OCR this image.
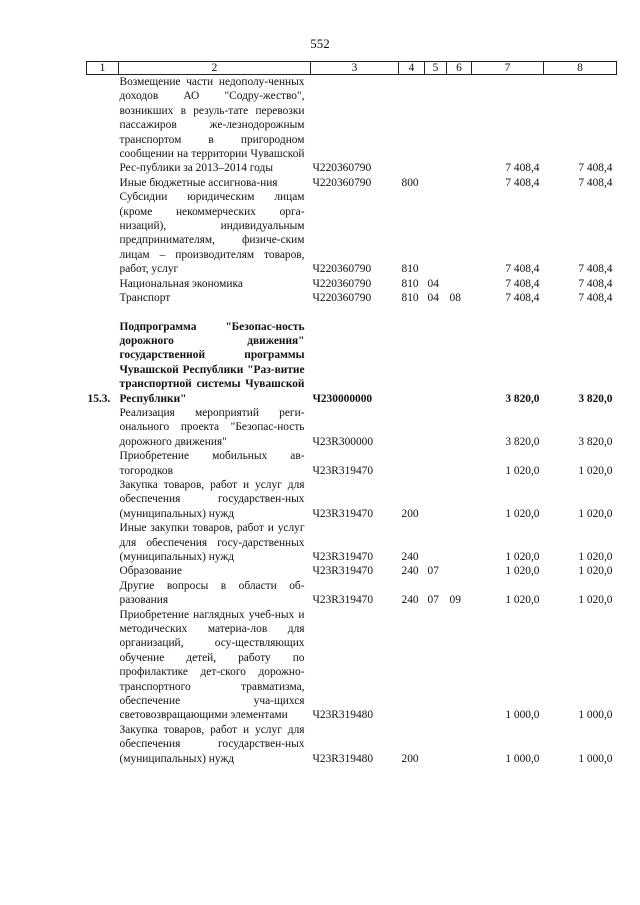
552
1	2	3	4	5	6	7	8
	Возмещение части недополу-ченных доходов АО "Содру-жество", возникших в резуль-тате перевозки пассажиров же-лезнодорожным транспортом в пригородном сообщении на территории Чувашской Рес-публики за 2013–2014 годы	Ч220360790				7 408,4	7 408,4
	Иные бюджетные ассигнова-ния	Ч220360790	800			7 408,4	7 408,4
	Субсидии юридическим лицам (кроме некоммерческих орга-низаций), индивидуальным предпринимателям, физиче-ским лицам – производителям товаров, работ, услуг	Ч220360790	810			7 408,4	7 408,4
	Национальная экономика	Ч220360790	810	04		7 408,4	7 408,4
	Транспорт	Ч220360790	810	04	08	7 408,4	7 408,4

15.3.	Подпрограмма "Безопас-ность дорожного движения" государственной программы Чувашской Республики "Раз-витие транспортной системы Чувашской Республики"	Ч230000000				3 820,0	3 820,0
	Реализация мероприятий реги-онального проекта "Безопас-ность дорожного движения"	Ч23R300000				3 820,0	3 820,0
	Приобретение мобильных ав-тогородков	Ч23R319470				1 020,0	1 020,0
	Закупка товаров, работ и услуг для обеспечения государствен-ных (муниципальных) нужд	Ч23R319470	200			1 020,0	1 020,0
	Иные закупки товаров, работ и услуг для обеспечения госу-дарственных (муниципальных) нужд	Ч23R319470	240			1 020,0	1 020,0
	Образование	Ч23R319470	240	07		1 020,0	1 020,0
	Другие вопросы в области об-разования	Ч23R319470	240	07	09	1 020,0	1 020,0
	Приобретение наглядных учеб-ных и методических материа-лов для организаций, осу-ществляющих обучение детей, работу по профилактике дет-ского дорожно-транспортного травматизма, обеспечение уча-щихся световозвращающими элементами	Ч23R319480				1 000,0	1 000,0
	Закупка товаров, работ и услуг для обеспечения государствен-ных (муниципальных) нужд	Ч23R319480	200			1 000,0	1 000,0
